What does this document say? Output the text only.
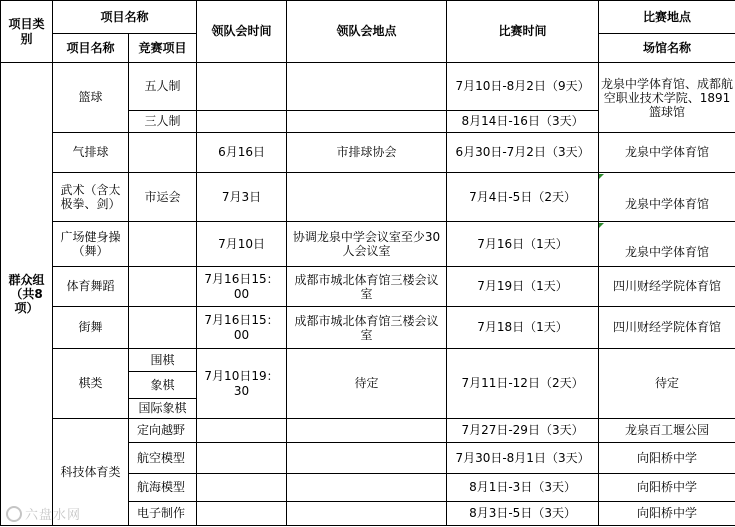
项目类别	项目名称		领队会时间	领队会地点	比赛时间	比赛地点
	项目名称	竞赛项目				场馆名称
群众组（共8项）	篮球	五人制			7月10日-8月2日（9天）	龙泉中学体育馆、成都航空职业技术学院、1891篮球馆
		三人制			8月14日-16日（3天）	
	气排球		6月16日	市排球协会	6月30日-7月2日（3天）	龙泉中学体育馆
	武术（含太极拳、剑）	市运会	7月3日		7月4日-5日（2天）	龙泉中学体育馆
	广场健身操（舞）		7月10日	协调龙泉中学会议室至少30人会议室	7月16日（1天）	龙泉中学体育馆
	体育舞蹈		7月16日15：00	成都市城北体育馆三楼会议室	7月19日（1天）	四川财经学院体育馆
	街舞		7月16日15：00	成都市城北体育馆三楼会议室	7月18日（1天）	四川财经学院体育馆
	棋类	围棋	7月10日19：30	待定	7月11日-12日（2天）	待定
		象棋				
		国际象棋				
	科技体育类	定向越野			7月27日-29日（3天）	龙泉百工堰公园
		航空模型			7月30日-8月1日（3天）	向阳桥中学
		航海模型			8月1日-3日（3天）	向阳桥中学
		电子制作			8月3日-5日（3天）	向阳桥中学
六盘水网
